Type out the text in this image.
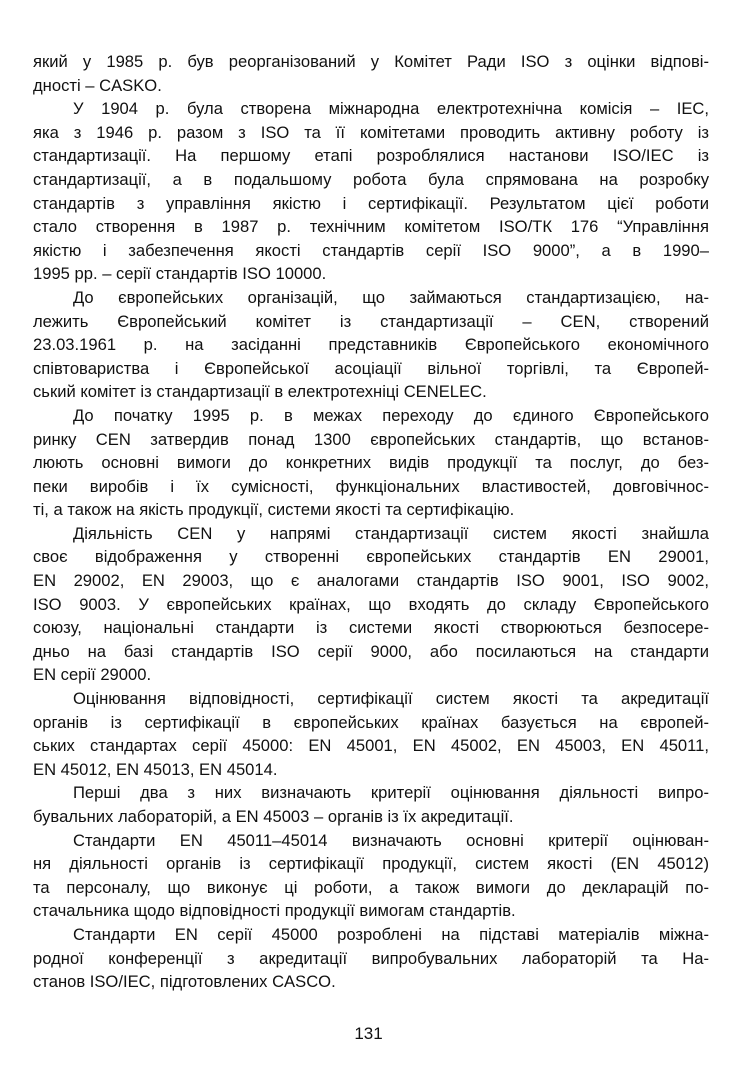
який у 1985 р. був реорганізований у Комітет Ради ISO з оцінки відпові-
дності – CASKO.
У 1904 р. була створена міжнародна електротехнічна комісія – IEC,
яка з 1946 р. разом з ISO та її комітетами проводить активну роботу із
стандартизації. На першому етапі розроблялися настанови ISO/IEC із
стандартизації, а в подальшому робота була спрямована на розробку
стандартів з управління якістю і сертифікації. Результатом цієї роботи
стало створення в 1987 р. технічним комітетом ISO/ТК 176 “Управління
якістю і забезпечення якості стандартів серії ISO 9000”, а в 1990–
1995 рр. – серії стандартів ISO 10000.
До європейських організацій, що займаються стандартизацією, на-
лежить Європейський комітет із стандартизації – CEN, створений
23.03.1961 р. на засіданні представників Європейського економічного
співтовариства і Європейської асоціації вільної торгівлі, та Європей-
ський комітет із стандартизації в електротехніці CENELEC.
До початку 1995 р. в межах переходу до єдиного Європейського
ринку CEN затвердив понад 1300 європейських стандартів, що встанов-
люють основні вимоги до конкретних видів продукції та послуг, до без-
пеки виробів і їх сумісності, функціональних властивостей, довговічнос-
ті, а також на якість продукції, системи якості та сертифікацію.
Діяльність CEN у напрямі стандартизації систем якості знайшла
своє відображення у створенні європейських стандартів EN 29001,
EN 29002, EN 29003, що є аналогами стандартів ISO 9001, ISO 9002,
ISO 9003. У європейських країнах, що входять до складу Європейського
союзу, національні стандарти із системи якості створюються безпосере-
дньо на базі стандартів ISO серії 9000, або посилаються на стандарти
EN серії 29000.
Оцінювання відповідності, сертифікації систем якості та акредитації
органів із сертифікації в європейських країнах базується на європей-
ських стандартах серії 45000: EN 45001, EN 45002, EN 45003, EN 45011,
EN 45012, EN 45013, EN 45014.
Перші два з них визначають критерії оцінювання діяльності випро-
бувальних лабораторій, а EN 45003 – органів із їх акредитації.
Стандарти EN 45011–45014 визначають основні критерії оцінюван-
ня діяльності органів із сертифікації продукції, систем якості (EN 45012)
та персоналу, що виконує ці роботи, а також вимоги до декларацій по-
стачальника щодо відповідності продукції вимогам стандартів.
Стандарти EN серії 45000 розроблені на підставі матеріалів міжна-
родної конференції з акредитації випробувальних лабораторій та На-
станов ISO/IEC, підготовлених CASCO.
131
